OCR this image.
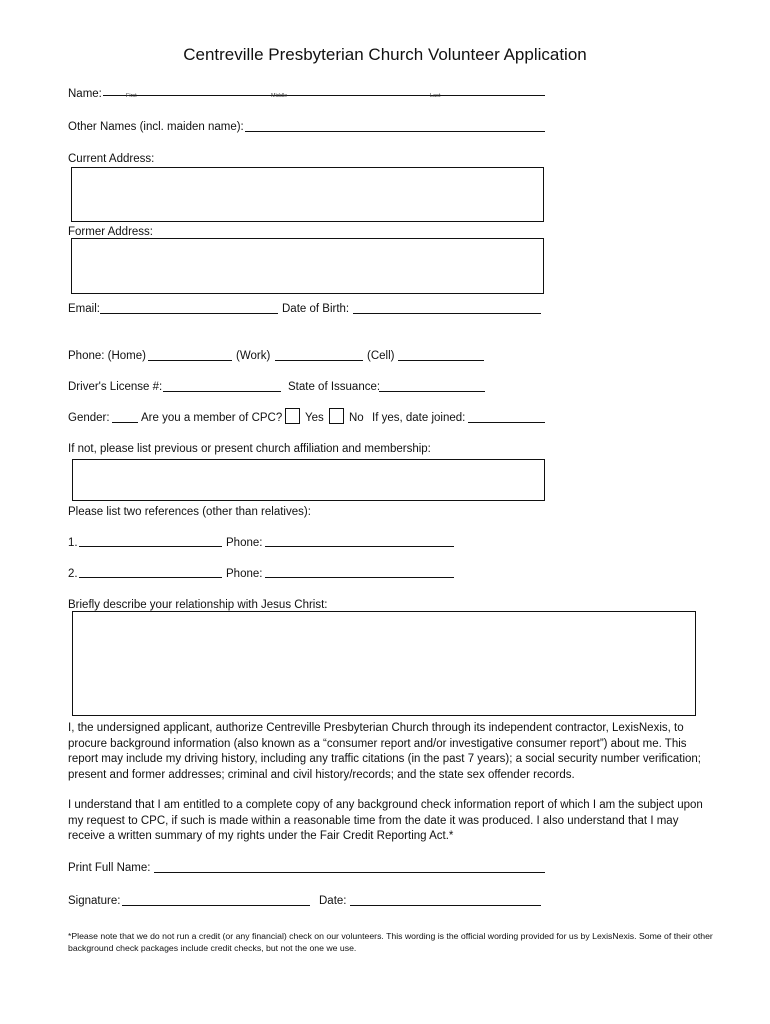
Centreville Presbyterian Church Volunteer Application
Name:	First	Middle	Last
Other Names (incl. maiden name):
Current Address:
Former Address:
Email:	Date of Birth:
Phone: (Home)	(Work)	(Cell)
Driver's License #:	State of Issuance:
Gender:	Are you a member of CPC? Yes No If yes, date joined:
If not, please list previous or present church affiliation and membership:
Please list two references (other than relatives):
1.	Phone:
2.	Phone:
Briefly describe your relationship with Jesus Christ:
I, the undersigned applicant, authorize Centreville Presbyterian Church through its independent contractor, LexisNexis, to procure background information (also known as a “consumer report and/or investigative consumer report”) about me. This report may include my driving history, including any traffic citations (in the past 7 years); a social security number verification; present and former addresses; criminal and civil history/records; and the state sex offender records.
I understand that I am entitled to a complete copy of any background check information report of which I am the subject upon my request to CPC, if such is made within a reasonable time from the date it was produced. I also understand that I may receive a written summary of my rights under the Fair Credit Reporting Act.*
Print Full Name:
Signature:	Date:
*Please note that we do not run a credit (or any financial) check on our volunteers. This wording is the official wording provided for us by LexisNexis. Some of their other background check packages include credit checks, but not the one we use.
